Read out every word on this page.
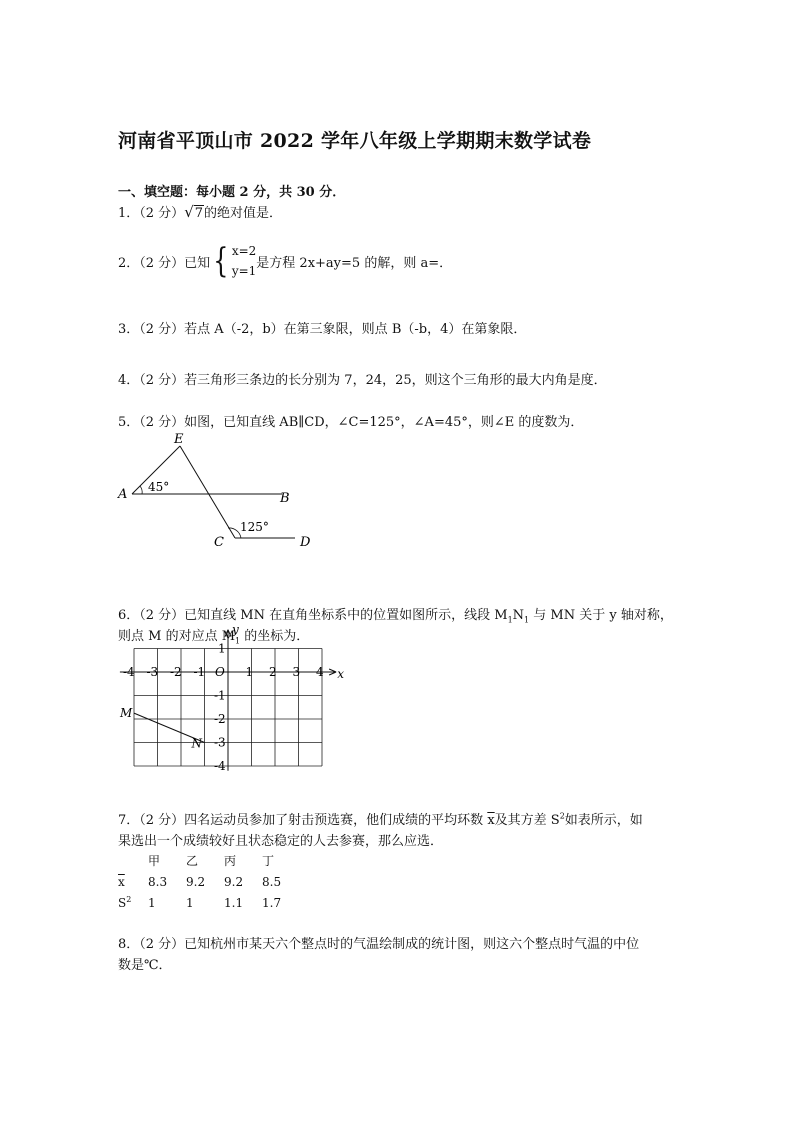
河南省平顶山市 2022 学年八年级上学期期末数学试卷
一、填空题：每小题 2 分，共 30 分．
1．（2 分）√7的绝对值是．
2．（2 分）已知 { x=2
y=1
是方程 2x+ay=5 的解，则 a=．
3．（2 分）若点 A（-2，b）在第三象限，则点 B（-b，4）在第象限．
4．（2 分）若三角形三条边的长分别为 7，24，25，则这个三角形的最大内角是度．
5．（2 分）如图，已知直线 AB∥CD，∠C=125°，∠A=45°，则∠E 的度数为．
E
A	B
C	D
45°
125°
6．（2 分）已知直线 MN 在直角坐标系中的位置如图所示，线段 $M_1N_1$ 与 MN 关于 y 轴对称，
则点 M 的对应点 $M_1$ 的坐标为．
x
y
O
-4 -3 -2 -1	1 2 3 4
1
-1
-2
-3
-4
M
N
7．（2 分）四名运动员参加了射击预选赛，他们成绩的平均环数 $\overline{x}$及其方差 $S^2$如表所示，如
果选出一个成绩较好且状态稳定的人去参赛，那么应选．
	甲	乙	丙	丁
$\overline{x}$	8.3	9.2	9.2	8.5
$S^2$	1	1	1.1	1.7
8．（2 分）已知杭州市某天六个整点时的气温绘制成的统计图，则这六个整点时气温的中位
数是℃．
